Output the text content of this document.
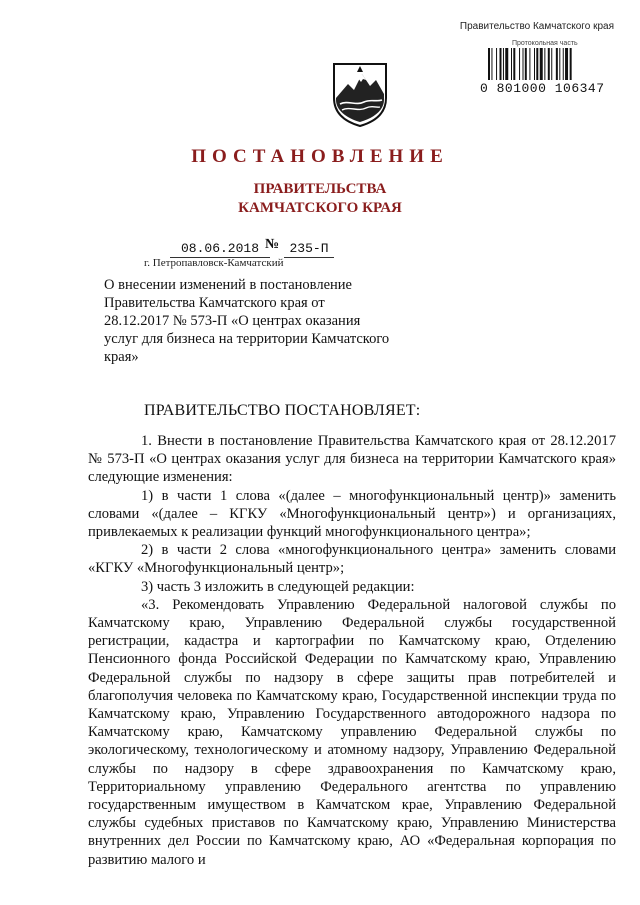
Правительство Камчатского края
Протокольная часть
0 801000 106347
ПОСТАНОВЛЕНИЕ
ПРАВИТЕЛЬСТВА
КАМЧАТСКОГО КРАЯ
08.06.2018 № 235-П
г. Петропавловск-Камчатский
О внесении изменений в постановление Правительства Камчатского края от 28.12.2017 № 573-П «О центрах оказания услуг для бизнеса на территории Камчатского края»
ПРАВИТЕЛЬСТВО ПОСТАНОВЛЯЕТ:

1. Внести в постановление Правительства Камчатского края от 28.12.2017 № 573-П «О центрах оказания услуг для бизнеса на территории Камчатского края» следующие изменения:

1) в части 1 слова «(далее – многофункциональный центр)» заменить словами «(далее – КГКУ «Многофункциональный центр») и организациях, привлекаемых к реализации функций многофункционального центра»;

2) в части 2 слова «многофункционального центра» заменить словами «КГКУ «Многофункциональный центр»;

3) часть 3 изложить в следующей редакции:

«3. Рекомендовать Управлению Федеральной налоговой службы по Камчатскому краю, Управлению Федеральной службы государственной регистрации, кадастра и картографии по Камчатскому краю, Отделению Пенсионного фонда Российской Федерации по Камчатскому краю, Управлению Федеральной службы по надзору в сфере защиты прав потребителей и благополучия человека по Камчатскому краю, Государственной инспекции труда по Камчатскому краю, Управлению Государственного автодорожного надзора по Камчатскому краю, Камчатскому управлению Федеральной службы по экологическому, технологическому и атомному надзору, Управлению Федеральной службы по надзору в сфере здравоохранения по Камчатскому краю, Территориальному управлению Федерального агентства по управлению государственным имуществом в Камчатском крае, Управлению Федеральной службы судебных приставов по Камчатскому краю, Управлению Министерства внутренних дел России по Камчатскому краю, АО «Федеральная корпорация по развитию малого и
